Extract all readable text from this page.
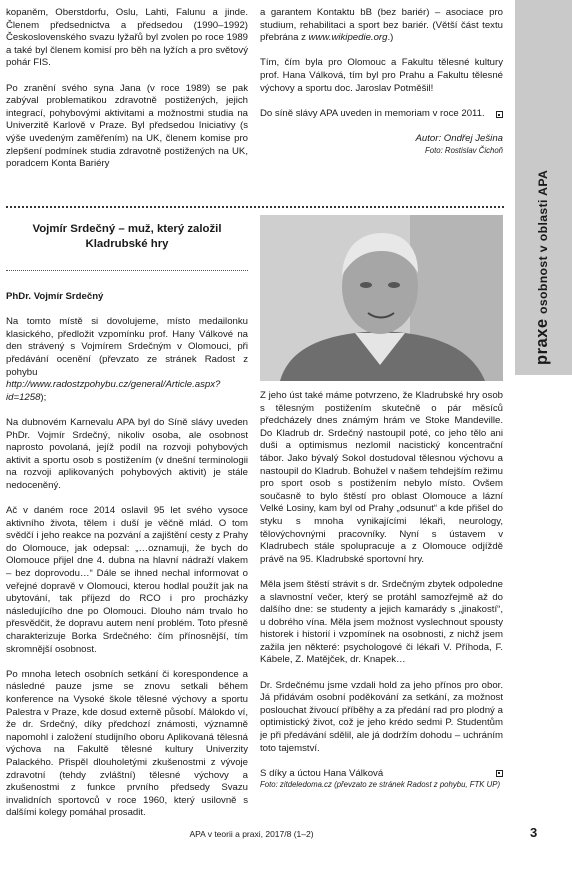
kopaněm, Oberstdorfu, Oslu, Lahti, Falunu a jinde. Členem předsednictva a předsedou (1990–1992) Československého svazu lyžařů byl zvolen po roce 1989 a také byl členem komisí pro běh na lyžích a pro světový pohár FIS.

Po zranění svého syna Jana (v roce 1989) se pak zabýval problematikou zdravotně postižených, jejich integrací, pohybovými aktivitami a možnostmi studia na Univerzitě Karlově v Praze. Byl předsedou Iniciativy (s výše uvedeným zaměřením) na UK, členem komise pro zlepšení podmínek studia zdravotně postižených na UK, poradcem Konta Bariéry

a garantem Kontaktu bB (bez bariér) – asociace pro studium, rehabilitaci a sport bez bariér. (Větší část textu přebrána z www.wikipedie.org.)

Tím, čím byla pro Olomouc a Fakultu tělesné kultury prof. Hana Válková, tím byl pro Prahu a Fakultu tělesné výchovy a sportu doc. Jaroslav Potměšil!

Do síně slávy APA uveden in memoriam v roce 2011.

Autor: Ondřej Ješina
Foto: Rostislav Čichoň
Vojmír Srdečný – muž, který založil Kladrubské hry

PhDr. Vojmír Srdečný

Na tomto místě si dovolujeme, místo medailonku klasického, předložit vzpomínku prof. Hany Válkové na den strávený s Vojmírem Srdečným v Olomouci, při předávání ocenění (převzato ze stránek Radost z pohybu http://www.radostzpohybu.cz/general/Article.aspx?id=1258);

Na dubnovém Karnevalu APA byl do Síně slávy uveden PhDr. Vojmír Srdečný, nikoliv osoba, ale osobnost naprosto povolaná, jejíž podíl na rozvoji pohybových aktivit a sportu osob s postižením (v dnešní terminologii na rozvoji aplikovaných pohybových aktivit) je stále nedoceněný.

Ač v daném roce 2014 oslavil 95 let svého vysoce aktivního života, tělem i duší je věčně mlád. O tom svědčí i jeho reakce na pozvání a zajištění cesty z Prahy do Olomouce, jak odepsal: „…oznamuji, že bych do Olomouce přijel dne 4. dubna na hlavní nádraží vlakem – bez doprovodu…“ Dále se ihned nechal informovat o veřejné dopravě v Olomouci, kterou hodlal použít jak na ubytování, tak příjezd do RCO i pro procházky následujícího dne po Olomouci. Dlouho nám trvalo ho přesvědčit, že dopravu autem není problém. Toto přesně charakterizuje Borka Srdečného: čím přínosnější, tím skromnější osobnost.

Po mnoha letech osobních setkání či korespondence a následné pauze jsme se znovu setkali během konference na Vysoké škole tělesné výchovy a sportu Palestra v Praze, kde dosud externě působí. Málokdo ví, že dr. Srdečný, díky předchozí známosti, významně napomohl i založení studijního oboru Aplikovaná tělesná výchova na Fakultě tělesné kultury Univerzity Palackého. Přispěl dlouholetými zkušenostmi z vývoje zdravotní (tehdy zvláštní) tělesné výchovy a zkušenostmi z funkce prvního předsedy Svazu invalidních sportovců v roce 1960, který usilovně s dalšími kolegy pomáhal prosadit.

Z jeho úst také máme potvrzeno, že Kladrubské hry osob s tělesným postižením skutečně o pár měsíců předcházely dnes známým hrám ve Stoke Mandeville. Do Kladrub dr. Srdečný nastoupil poté, co jeho tělo ani duši a optimismus nezlomil nacistický koncentrační tábor. Jako bývalý Sokol dostudoval tělesnou výchovu a nastoupil do Kladrub. Bohužel v našem tehdejším režimu pro sport osob s postižením nebylo místo. Ovšem současně to bylo štěstí pro oblast Olomouce a lázní Velké Losiny, kam byl od Prahy „odsunut“ a kde přišel do styku s mnoha vynikajícími lékaři, neurology, tělovýchovnými pracovníky. Nyní s ústavem v Kladrubech stále spolupracuje a z Olomouce odjíždě právě na 95. Kladrubské sportovní hry.

Měla jsem štěstí strávit s dr. Srdečným zbytek odpoledne a slavnostní večer, který se protáhl samozřejmě až do dalšího dne: se studenty a jejich kamarády s „jinakostí“, u dobrého vína. Měla jsem možnost vyslechnout spousty historek i historií i vzpomínek na osobnosti, z nichž jsem zažila jen některé: psychologové či lékaři V. Příhoda, F. Kábele, Z. Matějček, dr. Knapek…

Dr. Srdečnému jsme vzdali hold za jeho přínos pro obor. Já přidávám osobní poděkování za setkání, za možnost poslouchat živoucí příběhy a za předání rad pro plodný a optimistický život, což je jeho krédo sedmi P. Studentům je při předávání sdělil, ale já dodržím dohodu – uchráním toto tajemství.

S díky a úctou Hana Válková
Foto: zitdeledoma.cz (převzato ze stránek Radost z pohybu, FTK UP)
praxe osobnost v oblasti APA
APA v teorii a praxi, 2017/8 (1–2)	3
